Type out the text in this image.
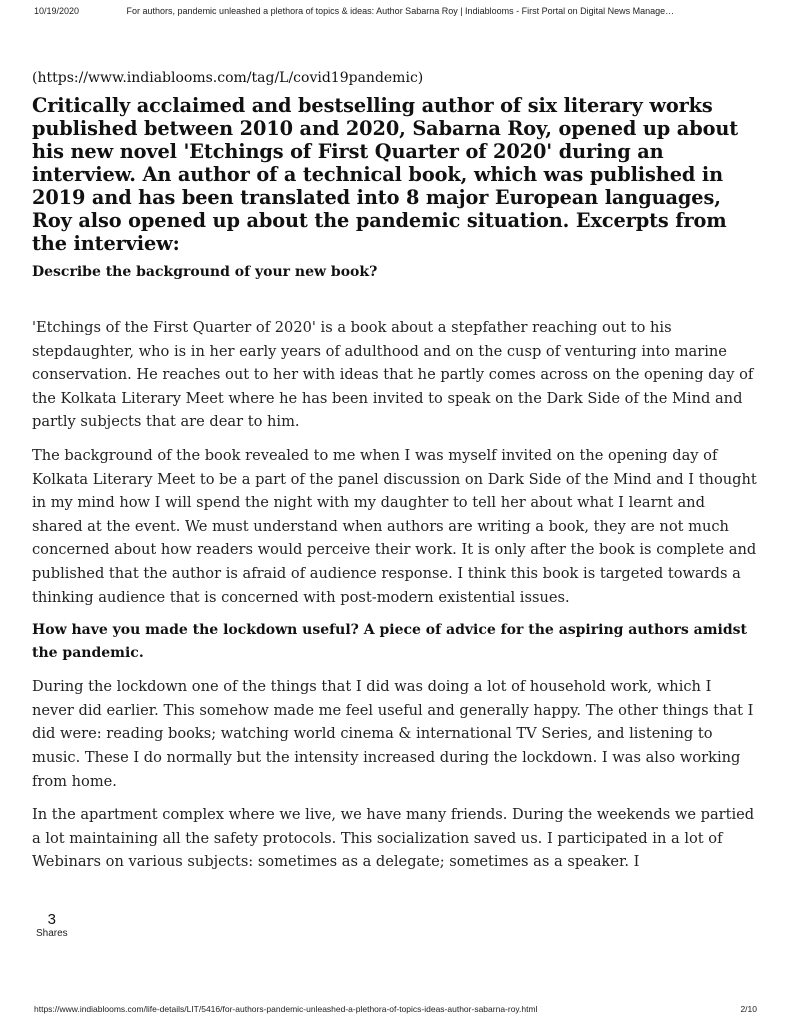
10/19/2020	For authors, pandemic unleashed a plethora of topics & ideas: Author Sabarna Roy | Indiablooms - First Portal on Digital News Manage…
(https://www.indiablooms.com/tag/L/covid19pandemic)
Critically acclaimed and bestselling author of six literary works published between 2010 and 2020, Sabarna Roy, opened up about his new novel 'Etchings of First Quarter of 2020' during an interview. An author of a technical book, which was published in 2019 and has been translated into 8 major European languages, Roy also opened up about the pandemic situation. Excerpts from the interview:
Describe the background of your new book?

'Etchings of the First Quarter of 2020' is a book about a stepfather reaching out to his stepdaughter, who is in her early years of adulthood and on the cusp of venturing into marine conservation. He reaches out to her with ideas that he partly comes across on the opening day of the Kolkata Literary Meet where he has been invited to speak on the Dark Side of the Mind and partly subjects that are dear to him.

The background of the book revealed to me when I was myself invited on the opening day of Kolkata Literary Meet to be a part of the panel discussion on Dark Side of the Mind and I thought in my mind how I will spend the night with my daughter to tell her about what I learnt and shared at the event. We must understand when authors are writing a book, they are not much concerned about how readers would perceive their work. It is only after the book is complete and published that the author is afraid of audience response. I think this book is targeted towards a thinking audience that is concerned with post-modern existential issues.

How have you made the lockdown useful? A piece of advice for the aspiring authors amidst the pandemic.

During the lockdown one of the things that I did was doing a lot of household work, which I never did earlier. This somehow made me feel useful and generally happy. The other things that I did were: reading books; watching world cinema & international TV Series, and listening to music. These I do normally but the intensity increased during the lockdown. I was also working from home.

In the apartment complex where we live, we have many friends. During the weekends we partied a lot maintaining all the safety protocols. This socialization saved us. I participated in a lot of Webinars on various subjects: sometimes as a delegate; sometimes as a speaker. I

3
Shares
https://www.indiablooms.com/life-details/LIT/5416/for-authors-pandemic-unleashed-a-plethora-of-topics-ideas-author-sabarna-roy.html	2/10
